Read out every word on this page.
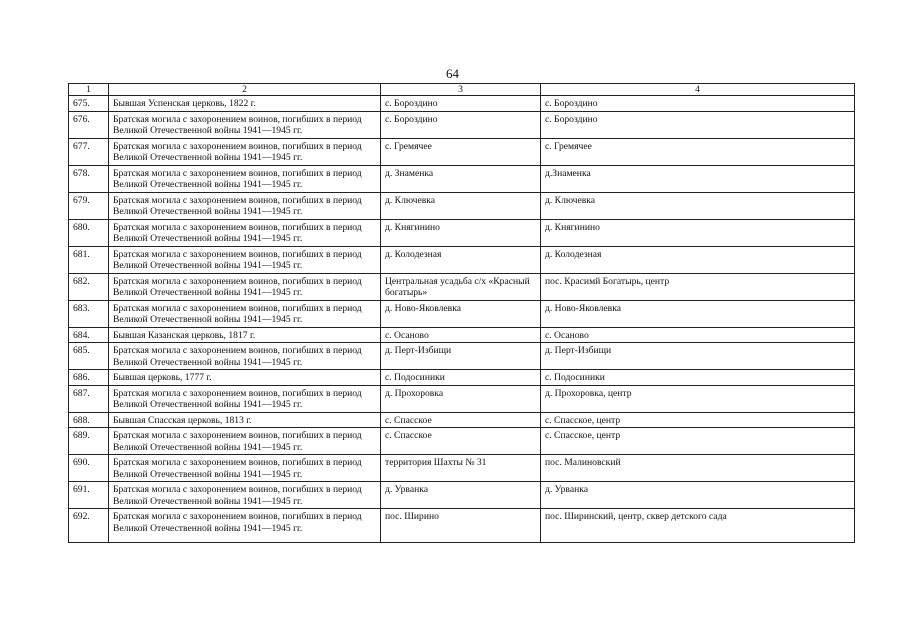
64
1	2	3	4
675.	Бывшая Успенская церковь, 1822 г.	с. Бороздино	с. Бороздино
676.	Братская могила с захоронением воинов, погибших в период Великой Отечественной войны 1941—1945 гг.	с. Бороздино	с. Бороздино
677.	Братская могила с захоронением воинов, погибших в период Великой Отечественной войны 1941—1945 гг.	с. Гремячее	с. Гремячее
678.	Братская могила с захоронением воинов, погибших в период Великой Отечественной войны 1941—1945 гг.	д. Знаменка	д.Знаменка
679.	Братская могила с захоронением воинов, погибших в период Великой Отечественной войны 1941—1945 гг.	д. Ключевка	д. Ключевка
680.	Братская могила с захоронением воинов, погибших в период Великой Отечественной войны 1941—1945 гг.	д. Княгинино	д. Княгинино
681.	Братская могила с захоронением воинов, погибших в период Великой Отечественной войны 1941—1945 гг.	д. Колодезная	д. Колодезная
682.	Братская могила с захоронением воинов, погибших в период Великой Отечественной войны 1941—1945 гг.	Центральная усадьба с/х «Красный богатырь»	пос. Красимй Богатырь, центр
683.	Братская могила с захоронением воинов, погибших в период Великой Отечественной войны 1941—1945 гг.	д. Ново-Яковлевка	д. Ново-Яковлевка
684.	Бывшая Казанская церковь, 1817 г.	с. Осаново	с. Осаново
685.	Братская могила с захоронением воинов, погибших в период Великой Отечественной войны 1941—1945 гг.	д. Перт-Избищи	д. Перт-Избищи
686.	Бывшая церковь, 1777 г.	с. Подосиники	с. Подосиники
687.	Братская могила с захоронением воинов, погибших в период Великой Отечественной войны 1941—1945 гг.	д. Прохоровка	д. Прохоровка, центр
688.	Бывшая Спасская церковь, 1813 г.	с. Спасское	с. Спасское, центр
689.	Братская могила с захоронением воинов, погибших в период Великой Отечественной войны 1941—1945 гг.	с. Спасское	с. Спасское, центр
690.	Братская могила с захоронением воинов, погибших в период Великой Отечественной войны 1941—1945 гг.	территория Шахты № 31	пос. Малиновский
691.	Братская могила с захоронением воинов, погибших в период Великой Отечественной войны 1941—1945 гг.	д. Урванка	д. Урванка
692.	Братская могила с захоронением воинов, погибших в период Великой Отечественной войны 1941—1945 гг.	пос. Ширино	пос. Ширинский, центр, сквер детского сада
